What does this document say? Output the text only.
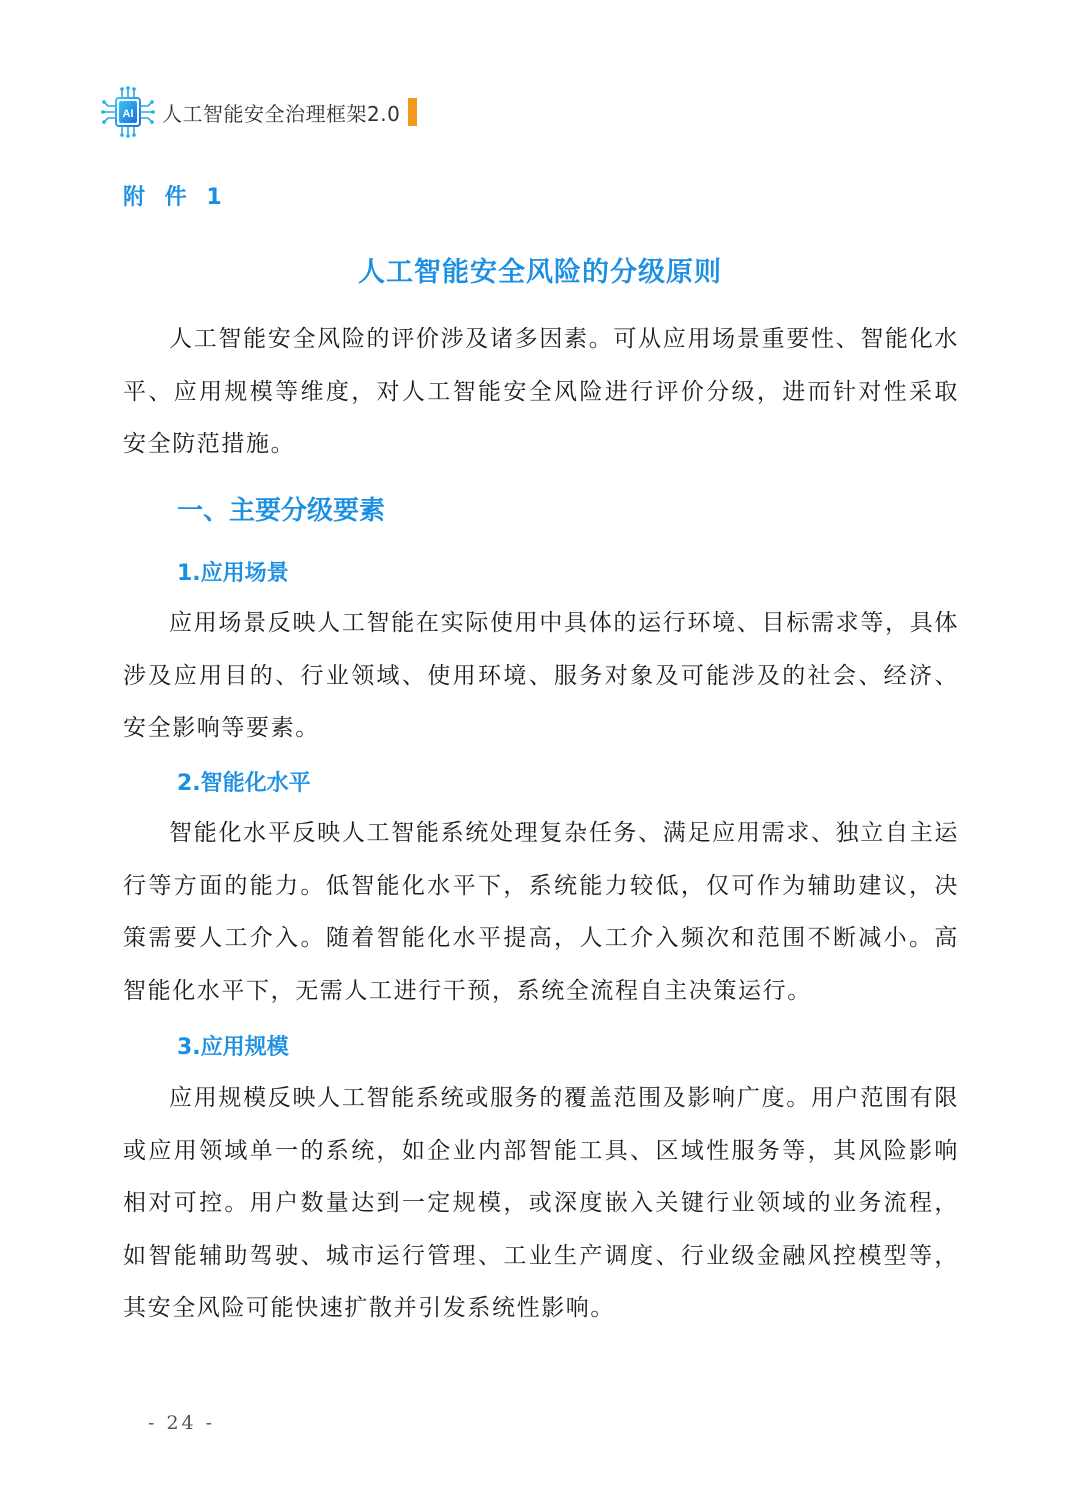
AI 人工智能安全治理框架2.0
附 件 1
人工智能安全风险的分级原则

人工智能安全风险的评价涉及诸多因素。可从应用场景重要性、智能化水平、应用规模等维度，对人工智能安全风险进行评价分级，进而针对性采取安全防范措施。

一、主要分级要素
1.应用场景

应用场景反映人工智能在实际使用中具体的运行环境、目标需求等，具体涉及应用目的、行业领域、使用环境、服务对象及可能涉及的社会、经济、安全影响等要素。

2.智能化水平

智能化水平反映人工智能系统处理复杂任务、满足应用需求、独立自主运行等方面的能力。低智能化水平下，系统能力较低，仅可作为辅助建议，决策需要人工介入。随着智能化水平提高，人工介入频次和范围不断减小。高智能化水平下，无需人工进行干预，系统全流程自主决策运行。

3.应用规模

应用规模反映人工智能系统或服务的覆盖范围及影响广度。用户范围有限或应用领域单一的系统，如企业内部智能工具、区域性服务等，其风险影响相对可控。用户数量达到一定规模，或深度嵌入关键行业领域的业务流程，如智能辅助驾驶、城市运行管理、工业生产调度、行业级金融风控模型等，其安全风险可能快速扩散并引发系统性影响。

- 24 -
